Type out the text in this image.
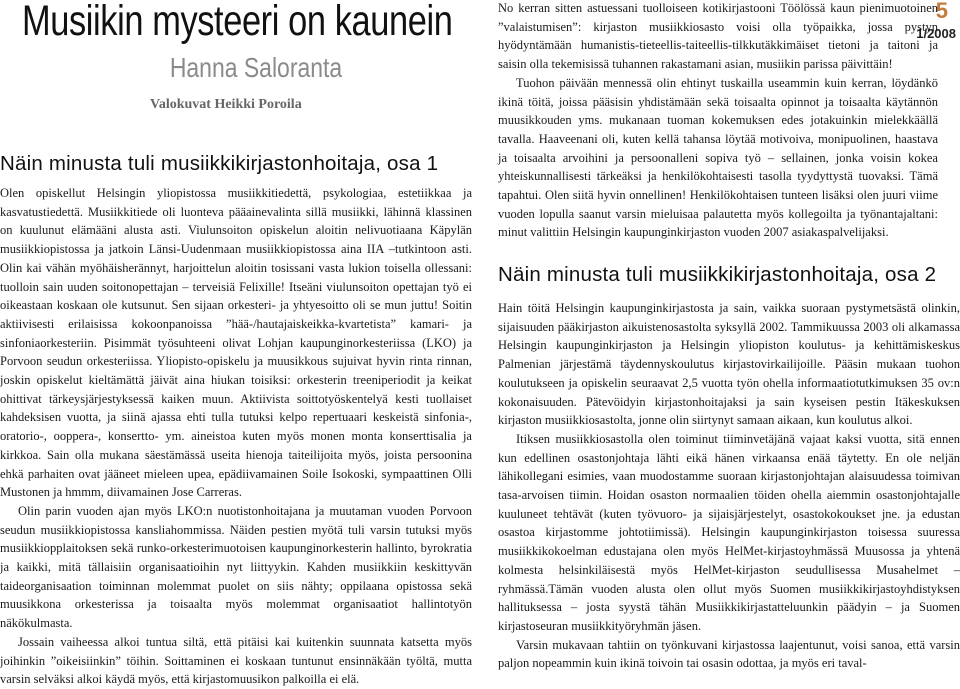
Musiikin mysteeri on kaunein
Hanna Saloranta
Valokuvat Heikki Poroila
Näin minusta tuli musiikkikirjastonhoitaja, osa 1

Olen opiskellut Helsingin yliopistossa musiikkitiedettä, psykologiaa, estetiikkaa ja kasvatustiedettä. Musiikkitiede oli luonteva pääainevalinta sillä musiikki, lähinnä klassinen on kuulunut elämääni alusta asti. Viulunsoiton opiskelun aloitin nelivuotiaana Käpylän musiikkiopistossa ja jatkoin Länsi-Uudenmaan musiikkiopistossa aina IIA –tutkintoon asti. Olin kai vähän myöhäisherännyt, harjoittelun aloitin tosissani vasta lukion toisella ollessani: tuolloin sain uuden soitonopettajan – terveisiä Felixille! Itseäni viulunsoiton opettajan työ ei oikeastaan koskaan ole kutsunut. Sen sijaan orkesteri- ja yhtyesoitto oli se mun juttu! Soitin aktiivisesti erilaisissa kokoonpanoissa ”hää-/hautajaiskeikka-kvartetista” kamari- ja sinfoniaorkesteriin. Pisimmät työsuhteeni olivat Lohjan kaupunginorkesteriissa (LKO) ja Porvoon seudun orkesteriissa. Yliopisto-opiskelu ja muusikkous sujuivat hyvin rinta rinnan, joskin opiskelut kieltämättä jäivät aina hiukan toisiksi: orkesterin treeniperiodit ja keikat ohittivat tärkeysjärjestyksessä kaiken muun. Aktiivista soittotyöskentelyä kesti tuollaiset kahdeksisen vuotta, ja siinä ajassa ehti tulla tutuksi kelpo repertuaari keskeistä sinfonia-, oratorio-, ooppera-, konsertto- ym. aineistoa kuten myös monen monta konserttisalia ja kirkkoa. Sain olla mukana säestämässä useita hienoja taiteilijoita myös, joista persoonina ehkä parhaiten ovat jääneet mieleen upea, epädiivamainen Soile Isokoski, sympaattinen Olli Mustonen ja hmmm, diivamainen Jose Carreras.

Olin parin vuoden ajan myös LKO:n nuotistonhoitajana ja muutaman vuoden Porvoon seudun musiikkiopistossa kansliahommissa. Näiden pestien myötä tuli varsin tutuksi myös musiikkiopplaitoksen sekä runko-orkesterimuotoisen kaupunginorkesterin hallinto, byrokratia ja kaikki, mitä tällaisiin organisaatioihin nyt liittyykin. Kahden musiikkiin keskittyvän taideorganisaation toiminnan molemmat puolet on siis nähty; oppilaana opistossa sekä muusikkona orkesterissa ja toisaalta myös molemmat organisaatiot hallintotyön näkökulmasta.

Jossain vaiheessa alkoi tuntua siltä, että pitäisi kai kuitenkin suunnata katsetta myös joihinkin ”oikeisiinkin” töihin. Soittaminen ei koskaan tuntunut ensinnäkään työltä, mutta varsin selväksi alkoi käydä myös, että kirjastomuusikon palkoilla ei elä.

5
1/2008

No kerran sitten astuessani tuolloiseen kotikirjastooni Töölössä kaun pienimuotoinen ”valaistumisen”: kirjaston musiikkiosasto voisi olla työpaikka, jossa pystyn hyödyntämään humanistis-tieteellis-taiteellis-tilkkutäkkimäiset tietoni ja taitoni ja saisin olla tekemisissä tuhannen rakastamani asian, musiikin parissa päivittäin!

Tuohon päivään mennessä olin ehtinyt tuskailla useammin kuin kerran, löydänkö ikinä töitä, joissa pääsisin yhdistämään sekä toisaalta opinnot ja toisaalta käytännön muusikkouden yms. mukanaan tuoman kokemuksen edes jotakuinkin mielekkäällä tavalla. Haaveenani oli, kuten kellä tahansa löytää motivoiva, monipuolinen, haastava ja toisaalta arvoihini ja persoonalleni sopiva työ – sellainen, jonka voisin kokea yhteiskunnallisesti tärkeäksi ja henkilökohtaisesti tasolla tyydyttystä tuovaksi. Tämä tapahtui. Olen siitä hyvin onnellinen! Henkilökohtaisen tunteen lisäksi olen juuri viime vuoden lopulla saanut varsin mieluisaa palautetta myös kollegoilta ja työnantajaltani: minut valittiin Helsingin kaupunginkirjaston vuoden 2007 asiakaspalvelijaksi.

Näin minusta tuli musiikkikirjastonhoitaja, osa 2

Hain töitä Helsingin kaupunginkirjastosta ja sain, vaikka suoraan pystymetsästä olinkin, sijaisuuden pääkirjaston aikuistenosastolta syksyllä 2002. Tammikuussa 2003 oli alkamassa Helsingin kaupunginkirjaston ja Helsingin yliopiston koulutus- ja kehittämiskeskus Palmenian järjestämä täydennyskoulutus kirjastovirkailijoille. Pääsin mukaan tuohon koulutukseen ja opiskelin seuraavat 2,5 vuotta työn ohella informaatiotutkimuksen 35 ov:n kokonaisuuden. Pätevöidyin kirjastonhoitajaksi ja sain kyseisen pestin Itäkeskuksen kirjaston musiikkiosastolta, jonne olin siirtynyt samaan aikaan, kun koulutus alkoi.

Itiksen musiikkiosastolla olen toiminut tiiminvetäjänä vajaat kaksi vuotta, sitä ennen kun edellinen osastonjohtaja lähti eikä hänen virkaansa enää täytetty. En ole neljän lähikollegani esimies, vaan muodostamme suoraan kirjastonjohtajan alaisuudessa toimivan tasa-arvoisen tiimin. Hoidan osaston normaalien töiden ohella aiemmin osastonjohtajalle kuuluneet tehtävät (kuten työvuoro- ja sijaisjärjestelyt, osastokokoukset jne. ja edustan osastoa kirjastomme johtotiimissä). Helsingin kaupunginkirjaston toisessa suuressa musiikkikokoelman edustajana olen myös HelMet-kirjastoyhmässä Muusossa ja yhtenä kolmesta helsinkiläisestä myös HelMet-kirjaston seudullisessa Musahelmet –ryhmässä.Tämän vuoden alusta olen ollut myös Suomen musiikkikirjastoyhdistyksen hallituksessa – josta syystä tähän Musiikkikirjastatteluunkin päädyin – ja Suomen kirjastoseuran musiikkityöryhmän jäsen.

Varsin mukavaan tahtiin on työnkuvani kirjastossa laajentunut, voisi sanoa, että varsin paljon nopeammin kuin ikinä toivoin tai osasin odottaa, ja myös eri taval-
